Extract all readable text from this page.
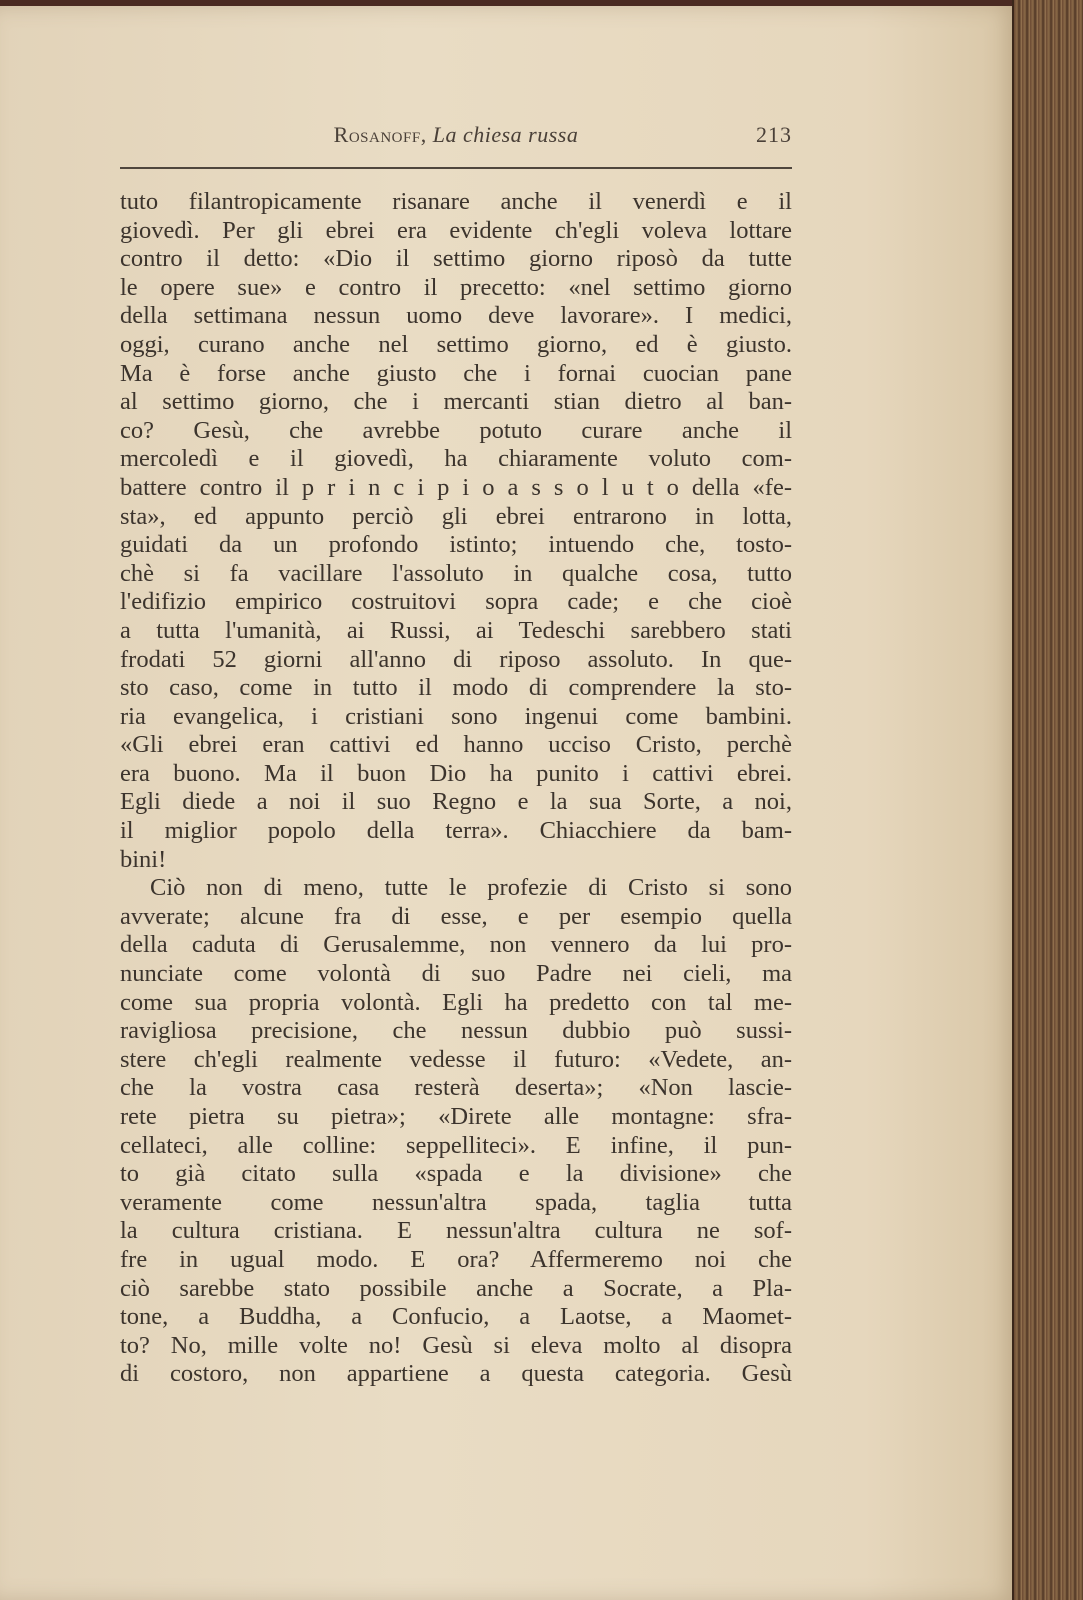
Rosanoff, La chiesa russa	213
tuto filantropicamente risanare anche il venerdì e il
giovedì. Per gli ebrei era evidente ch'egli voleva lottare
contro il detto: «Dio il settimo giorno riposò da tutte
le opere sue» e contro il precetto: «nel settimo giorno
della settimana nessun uomo deve lavorare». I medici,
oggi, curano anche nel settimo giorno, ed è giusto.
Ma è forse anche giusto che i fornai cuocian pane
al settimo giorno, che i mercanti stian dietro al ban-
co? Gesù, che avrebbe potuto curare anche il
mercoledì e il giovedì, ha chiaramente voluto com-
battere contro il p r i n c i p i o a s s o l u t o della «fe-
sta», ed appunto perciò gli ebrei entrarono in lotta,
guidati da un profondo istinto; intuendo che, tosto-
chè si fa vacillare l'assoluto in qualche cosa, tutto
l'edifizio empirico costruitovi sopra cade; e che cioè
a tutta l'umanità, ai Russi, ai Tedeschi sarebbero stati
frodati 52 giorni all'anno di riposo assoluto. In que-
sto caso, come in tutto il modo di comprendere la sto-
ria evangelica, i cristiani sono ingenui come bambini.
«Gli ebrei eran cattivi ed hanno ucciso Cristo, perchè
era buono. Ma il buon Dio ha punito i cattivi ebrei.
Egli diede a noi il suo Regno e la sua Sorte, a noi,
il miglior popolo della terra». Chiacchiere da bam-
bini!
Ciò non di meno, tutte le profezie di Cristo si sono
avverate; alcune fra di esse, e per esempio quella
della caduta di Gerusalemme, non vennero da lui pro-
nunciate come volontà di suo Padre nei cieli, ma
come sua propria volontà. Egli ha predetto con tal me-
ravigliosa precisione, che nessun dubbio può sussi-
stere ch'egli realmente vedesse il futuro: «Vedete, an-
che la vostra casa resterà deserta»; «Non lascie-
rete pietra su pietra»; «Direte alle montagne: sfra-
cellateci, alle colline: seppelliteci». E infine, il pun-
to già citato sulla «spada e la divisione» che
veramente come nessun'altra spada, taglia tutta
la cultura cristiana. E nessun'altra cultura ne sof-
fre in ugual modo. E ora? Affermeremo noi che
ciò sarebbe stato possibile anche a Socrate, a Pla-
tone, a Buddha, a Confucio, a Laotse, a Maomet-
to? No, mille volte no! Gesù si eleva molto al disopra
di costoro, non appartiene a questa categoria. Gesù
